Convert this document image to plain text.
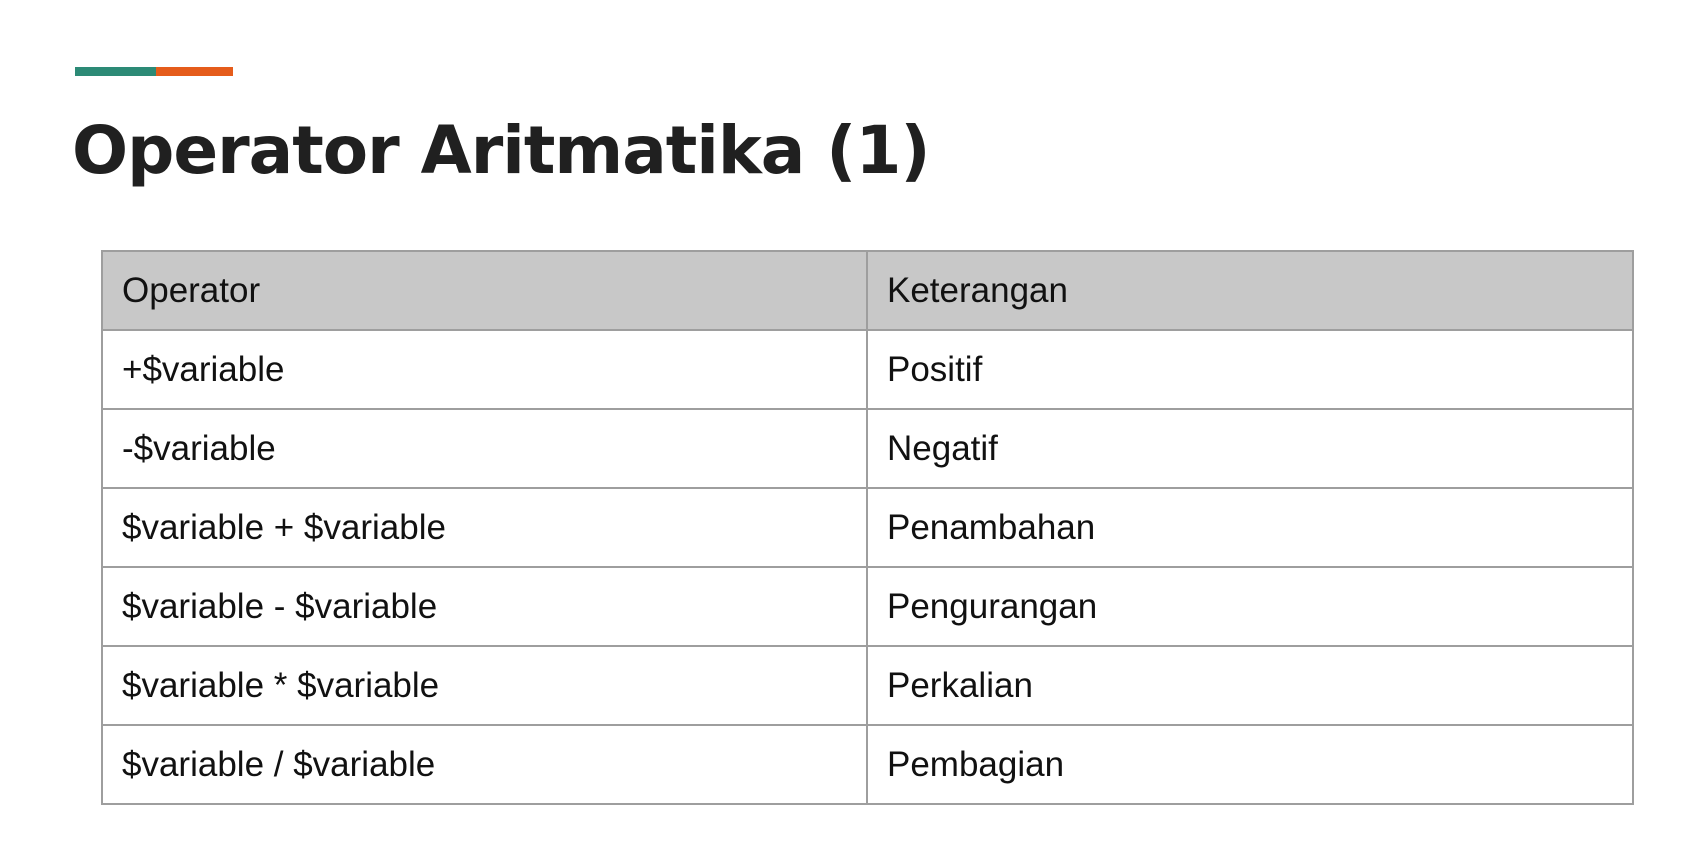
Operator Aritmatika (1)
Operator	Keterangan
+$variable	Positif
-$variable	Negatif
$variable + $variable	Penambahan
$variable - $variable	Pengurangan
$variable * $variable	Perkalian
$variable / $variable	Pembagian
